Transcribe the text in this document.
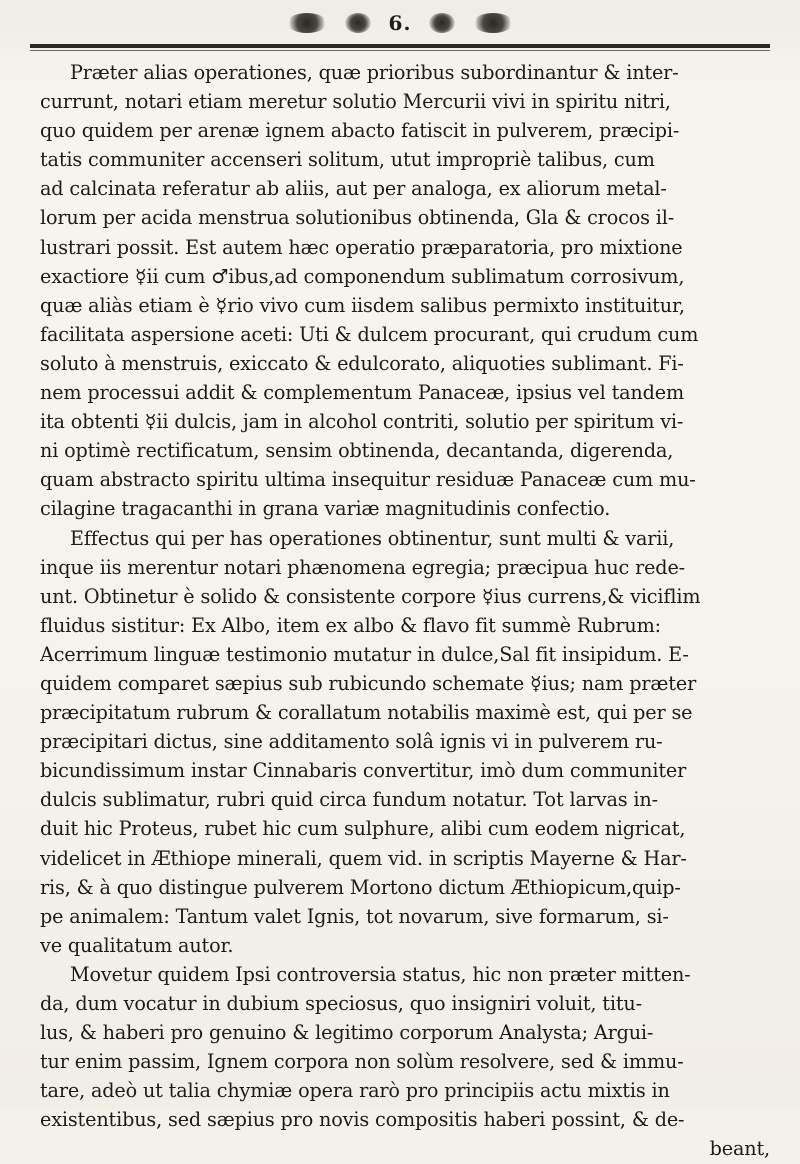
6.
Præter alias operationes, quæ prioribus subordinantur & inter-
currunt, notari etiam meretur solutio Mercurii vivi in spiritu nitri,
quo quidem per arenæ ignem abacto fatiscit in pulverem, præcipi-
tatis communiter accenseri solitum, utut impropriè talibus, cum
ad calcinata referatur ab aliis, aut per analoga, ex aliorum metal-
lorum per acida menstrua solutionibus obtinenda, Gla & crocos il-
lustrari possit. Est autem hæc operatio præparatoria, pro mixtione
exactiore ☿ii cum ♂ibus,ad componendum sublimatum corrosivum,
quæ aliàs etiam è ☿rio vivo cum iisdem salibus permixto instituitur,
facilitata aspersione aceti: Uti & dulcem procurant, qui crudum cum
soluto à menstruis, exiccato & edulcorato, aliquoties sublimant. Fi-
nem processui addit & complementum Panaceæ, ipsius vel tandem
ita obtenti ☿ii dulcis, jam in alcohol contriti, solutio per spiritum vi-
ni optimè rectificatum, sensim obtinenda, decantanda, digerenda,
quam abstracto spiritu ultima insequitur residuæ Panaceæ cum mu-
cilagine tragacanthi in grana variæ magnitudinis confectio.
Effectus qui per has operationes obtinentur, sunt multi & varii,
inque iis merentur notari phænomena egregia; præcipua huc rede-
unt. Obtinetur è solido & consistente corpore ☿ius currens,& viciflim
fluidus sistitur: Ex Albo, item ex albo & flavo fit summè Rubrum:
Acerrimum linguæ testimonio mutatur in dulce,Sal fit insipidum. E-
quidem comparet sæpius sub rubicundo schemate ☿ius; nam præter
præcipitatum rubrum & corallatum notabilis maximè est, qui per se
præcipitari dictus, sine additamento solâ ignis vi in pulverem ru-
bicundissimum instar Cinnabaris convertitur, imò dum communiter
dulcis sublimatur, rubri quid circa fundum notatur. Tot larvas in-
duit hic Proteus, rubet hic cum sulphure, alibi cum eodem nigricat,
videlicet in Æthiope minerali, quem vid. in scriptis Mayerne & Har-
ris, & à quo distingue pulverem Mortono dictum Æthiopicum,quip-
pe animalem: Tantum valet Ignis, tot novarum, sive formarum, si-
ve qualitatum autor.
Movetur quidem Ipsi controversia status, hic non præter mitten-
da, dum vocatur in dubium speciosus, quo insigniri voluit, titu-
lus, & haberi pro genuino & legitimo corporum Analysta; Argui-
tur enim passim, Ignem corpora non solùm resolvere, sed & immu-
tare, adeò ut talia chymiæ opera rarò pro principiis actu mixtis in
existentibus, sed sæpius pro novis compositis haberi possint, & de-
beant,
